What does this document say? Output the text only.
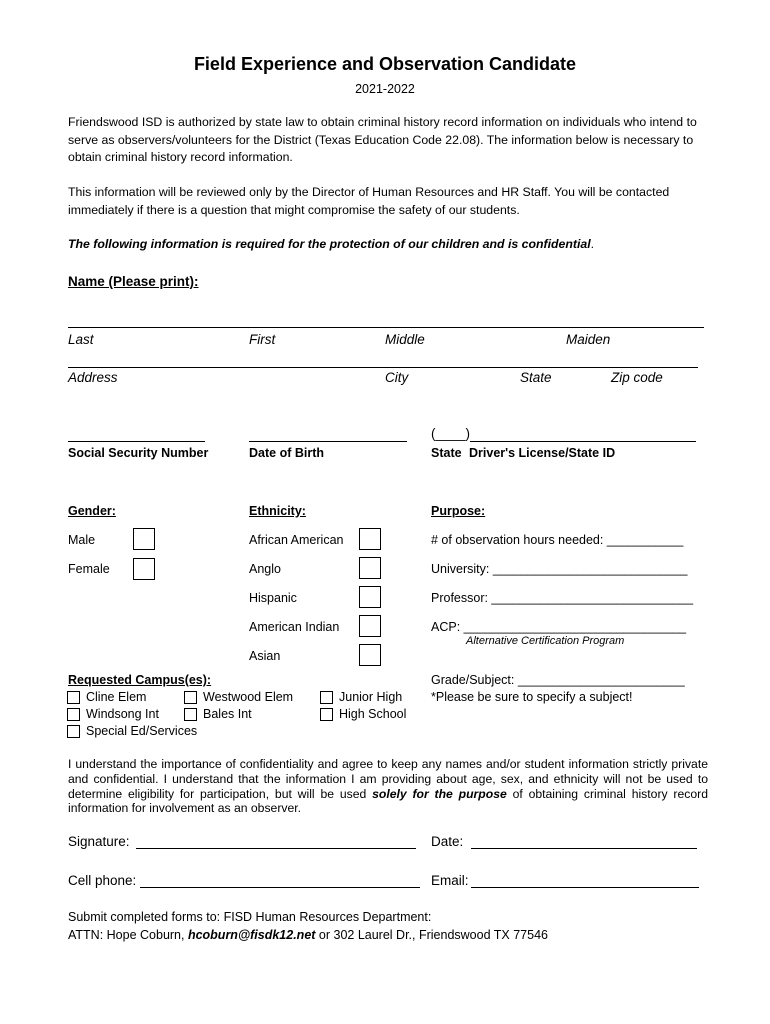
Field Experience and Observation Candidate
2021-2022
Friendswood ISD is authorized by state law to obtain criminal history record information on individuals who intend to serve as observers/volunteers for the District (Texas Education Code 22.08). The information below is necessary to obtain criminal history record information.
This information will be reviewed only by the Director of Human Resources and HR Staff. You will be contacted immediately if there is a question that might compromise the safety of our students.
The following information is required for the protection of our children and is confidential.
Name (Please print):
Last	First	Middle	Maiden
Address	City	State	Zip code
(____)
Social Security Number	Date of Birth	State Driver's License/State ID
Gender:
Male
Female
Ethnicity:
African American
Anglo
Hispanic
American Indian
Asian
Purpose:
# of observation hours needed: ___________
University: ____________________________
Professor: _____________________________
ACP: ________________________________
Alternative Certification Program
Grade/Subject: ________________________
*Please be sure to specify a subject!
Requested Campus(es):
Cline Elem	Westwood Elem	Junior High
Windsong Int	Bales Int	High School
Special Ed/Services
I understand the importance of confidentiality and agree to keep any names and/or student information strictly private and confidential. I understand that the information I am providing about age, sex, and ethnicity will not be used to determine eligibility for participation, but will be used solely for the purpose of obtaining criminal history record information for involvement as an observer.
Signature:	Date:
Cell phone:	Email:
Submit completed forms to: FISD Human Resources Department:
ATTN: Hope Coburn, hcoburn@fisdk12.net or 302 Laurel Dr., Friendswood TX 77546
